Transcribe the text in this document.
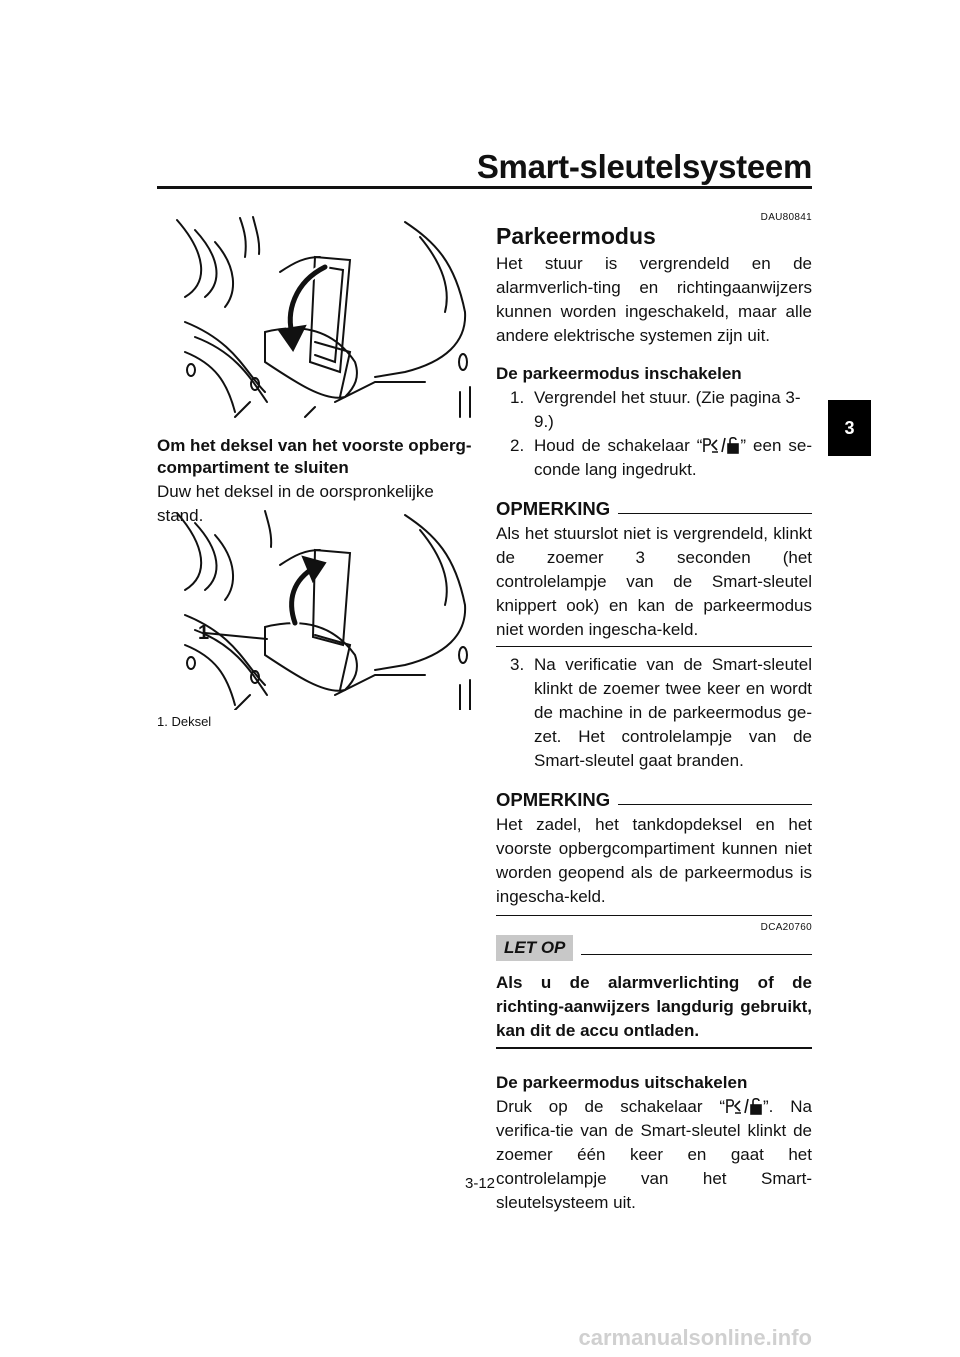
Smart-sleutelsysteem
3
Om het deksel van het voorste opberg-compartiment te sluiten
Duw het deksel in de oorspronkelijke stand.
1
1. Deksel
DAU80841
Parkeermodus
Het stuur is vergrendeld en de alarmverlich-ting en richtingaanwijzers kunnen worden ingeschakeld, maar alle andere elektrische systemen zijn uit.
De parkeermodus inschakelen
1. Vergrendel het stuur. (Zie pagina 3-9.)
2. Houd de schakelaar “ ” een se-conde lang ingedrukt.
OPMERKING
Als het stuurslot niet is vergrendeld, klinkt de zoemer 3 seconden (het controlelampje van de Smart-sleutel knippert ook) en kan de parkeermodus niet worden ingescha-keld.
3. Na verificatie van de Smart-sleutel klinkt de zoemer twee keer en wordt de machine in de parkeermodus ge-zet. Het controlelampje van de Smart-sleutel gaat branden.
OPMERKING
Het zadel, het tankdopdeksel en het voorste opbergcompartiment kunnen niet worden geopend als de parkeermodus is ingescha-keld.
DCA20760
LET OP
Als u de alarmverlichting of de richting-aanwijzers langdurig gebruikt, kan dit de accu ontladen.
De parkeermodus uitschakelen
Druk op de schakelaar “ ”. Na verifica-tie van de Smart-sleutel klinkt de zoemer één keer en gaat het controlelampje van het Smart-sleutelsysteem uit.
3-12
carmanualsonline.info
